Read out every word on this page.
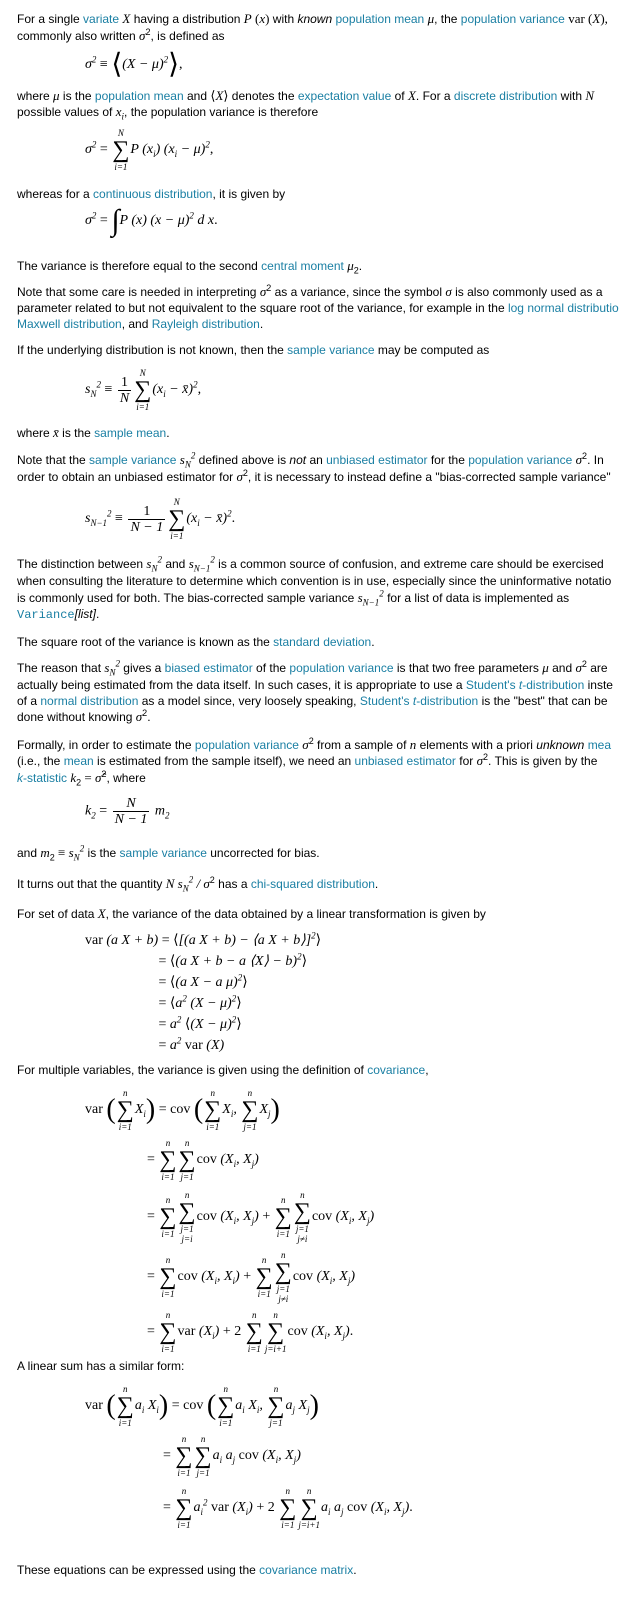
For a single variate X having a distribution P (x) with known population mean μ, the population variance var (X),
commonly also written $\sigma^2$, is defined as
$\sigma^2$ ≡ ⟨(X − μ)$^2$⟩,
where μ is the population mean and ⟨X⟩ denotes the expectation value of X. For a discrete distribution with N
possible values of $x_i$, the population variance is therefore
$\sigma^2$ =
N
∑
i=1
P $(x_i) (x_i - \mu)^2$,
whereas for a continuous distribution, it is given by
$\sigma^2 = \int P$ (x) $(x - \mu)^2$ d x.
The variance is therefore equal to the second central moment $\mu_2$.
Note that some care is needed in interpreting $\sigma^2$ as a variance, since the symbol σ is also commonly used as a
parameter related to but not equivalent to the square root of the variance, for example in the log normal distributio
Maxwell distribution, and Rayleigh distribution.
If the underlying distribution is not known, then the sample variance may be computed as
$s_N^2 \equiv \frac{1}{N}$
N
∑
i=1
($x_i$ − x̄)$^2$,
where x̄ is the sample mean.
Note that the sample variance $s_N^2$ defined above is not an unbiased estimator for the population variance $\sigma^2$. In
order to obtain an unbiased estimator for $\sigma^2$, it is necessary to instead define a "bias-corrected sample variance"
$s_{N-1}^2 \equiv \frac{1}{N - 1}$
N
∑
i=1
($x_i$ − x̄)$^2$.
The distinction between $s_N^2$ and $s_{N-1}^2$ is a common source of confusion, and extreme care should be exercised
when consulting the literature to determine which convention is in use, especially since the uninformative notatio
is commonly used for both. The bias-corrected sample variance $s_{N-1}^2$ for a list of data is implemented as
Variance[list].
The square root of the variance is known as the standard deviation.
The reason that $s_N^2$ gives a biased estimator of the population variance is that two free parameters μ and $\sigma^2$ are
actually being estimated from the data itself. In such cases, it is appropriate to use a Student's t-distribution inste
of a normal distribution as a model since, very loosely speaking, Student's t-distribution is the "best" that can be
done without knowing $\sigma^2$.
Formally, in order to estimate the population variance $\sigma^2$ from a sample of n elements with a priori unknown mea
(i.e., the mean is estimated from the sample itself), we need an unbiased estimator for $\sigma^2$. This is given by the
k-statistic $k_2$ = σ̂$^2$, where
$k_2 = \frac{N}{N - 1} m_2$
and $m_2 \equiv s_N^2$ is the sample variance uncorrected for bias.
It turns out that the quantity N $s_N^2 / \sigma^2$ has a chi-squared distribution.
For set of data X, the variance of the data obtained by a linear transformation is given by
var (a X + b) = ⟨[(a X + b) − ⟨a X + b⟩]$^2$⟩
= ⟨(a X + b − a ⟨X⟩ − b)$^2$⟩
= ⟨(a X − a μ)$^2$⟩
= $⟨a^2$ $(X - \mu)^2⟩$
= $a^2$ ⟨(X − μ)$^2$⟩
= $a^2$ var (X)
For multiple variables, the variance is given using the definition of covariance,
var (
n
∑
i=1
$X_i$) = cov (
n
∑
i=1
$X_i$,
n
∑
j=1
$X_j$)
=
n
∑
i=1
n
∑
j=1
cov ($X_i$, $X_j$)
=
n
∑
i=1
n
∑
j=1
j=i
cov ($X_i$, $X_j$) +
n
∑
i=1
n
∑
j=1
j≠i
cov ($X_i$, $X_j$)
=
n
∑
i=1
cov ($X_i$, $X_i$) +
n
∑
i=1
n
∑
j=1
j≠i
cov ($X_i$, $X_j$)
=
n
∑
i=1
var $(X_i) + 2$
n
∑
i=1
n
∑
j=i+1
cov ($X_i$, $X_j$).
A linear sum has a similar form:
var (
n
∑
i=1
$a_i$ $X_i$) = cov (
n
∑
i=1
$a_i$ $X_i$,
n
∑
j=1
$a_j$ $X_j$)
=
n
∑
i=1
n
∑
j=1
$a_i$ $a_j$ cov ($X_i$, $X_j$)
=
n
∑
i=1
$a_i^2$ var $(X_i) + 2$
n
∑
i=1
n
∑
j=i+1
$a_i$ $a_j$ cov ($X_i$, $X_j$).
These equations can be expressed using the covariance matrix.
